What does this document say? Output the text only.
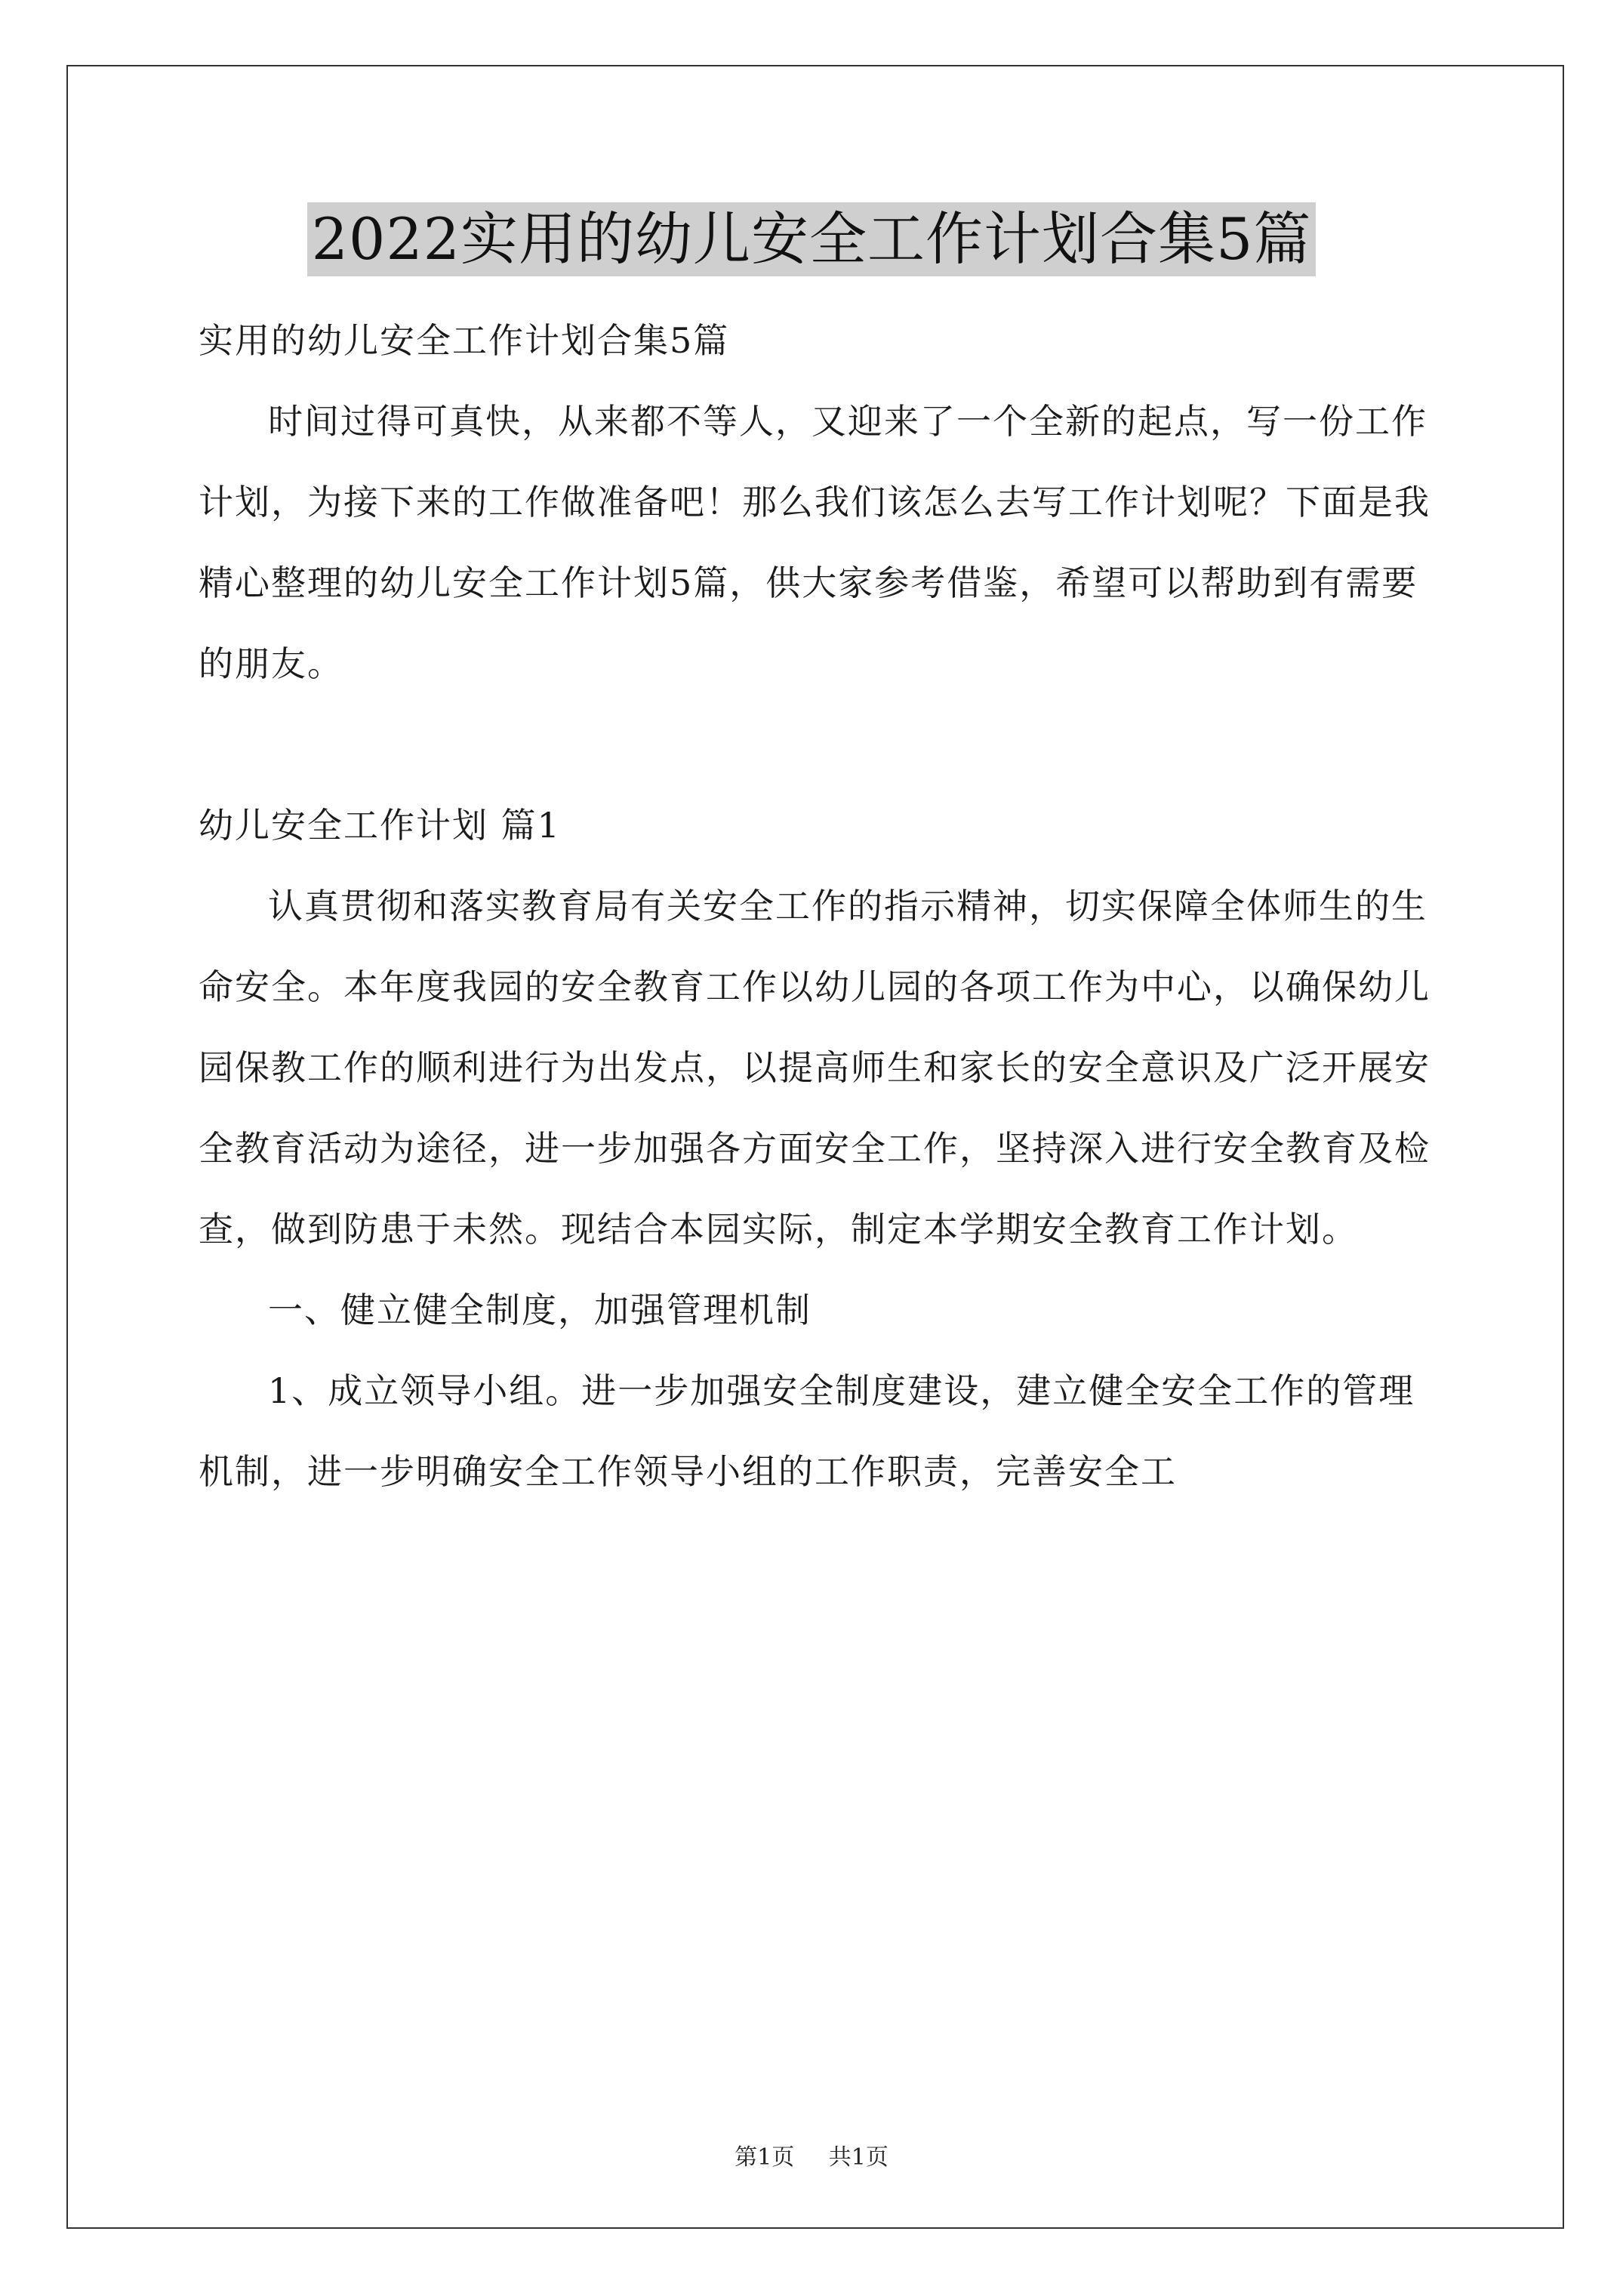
2022实用的幼儿安全工作计划合集5篇

实用的幼儿安全工作计划合集5篇

时间过得可真快，从来都不等人，又迎来了一个全新的起点，写一份工作计划，为接下来的工作做准备吧！那么我们该怎么去写工作计划呢？下面是我精心整理的幼儿安全工作计划5篇，供大家参考借鉴，希望可以帮助到有需要的朋友。

幼儿安全工作计划 篇1

认真贯彻和落实教育局有关安全工作的指示精神，切实保障全体师生的生命安全。本年度我园的安全教育工作以幼儿园的各项工作为中心，以确保幼儿园保教工作的顺利进行为出发点，以提高师生和家长的安全意识及广泛开展安全教育活动为途径，进一步加强各方面安全工作，坚持深入进行安全教育及检查，做到防患于未然。现结合本园实际，制定本学期安全教育工作计划。

一、健立健全制度，加强管理机制

1、成立领导小组。进一步加强安全制度建设，建立健全安全工作的管理机制，进一步明确安全工作领导小组的工作职责，完善安全工

第1页 共1页
